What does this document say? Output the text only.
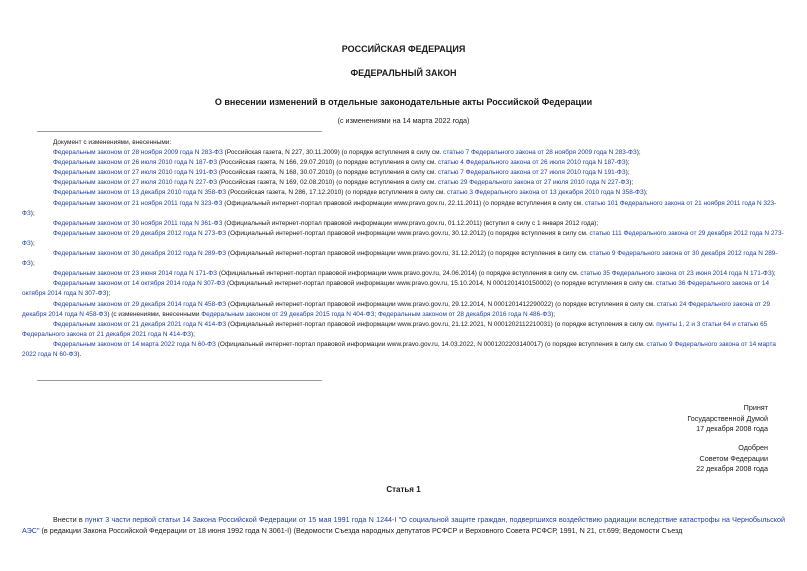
РОССИЙСКАЯ ФЕДЕРАЦИЯ
ФЕДЕРАЛЬНЫЙ ЗАКОН
О внесении изменений в отдельные законодательные акты Российской Федерации
(с изменениями на 14 марта 2022 года)
Документ с изменениями, внесенными:
Федеральным законом от 28 ноября 2009 года N 283-ФЗ (Российская газета, N 227, 30.11.2009) (о порядке вступления в силу см. статью 7 Федерального закона от 28 ноября 2009 года N 283-ФЗ);
Федеральным законом от 26 июля 2010 года N 187-ФЗ (Российская газета, N 166, 29.07.2010) (о порядке вступления в силу см. статью 4 Федерального закона от 26 июля 2010 года N 187-ФЗ);
Федеральным законом от 27 июля 2010 года N 191-ФЗ (Российская газета, N 168, 30.07.2010) (о порядке вступления в силу см. статью 7 Федерального закона от 27 июля 2010 года N 191-ФЗ);
Федеральным законом от 27 июля 2010 года N 227-ФЗ (Российская газета, N 169, 02.08.2010) (о порядке вступления в силу см. статью 29 Федерального закона от 27 июля 2010 года N 227-ФЗ);
Федеральным законом от 13 декабря 2010 года N 358-ФЗ (Российская газета, N 286, 17.12.2010) (о порядке вступления в силу см. статью 3 Федерального закона от 13 декабря 2010 года N 358-ФЗ);
Федеральным законом от 21 ноября 2011 года N 323-ФЗ (Официальный интернет-портал правовой информации www.pravo.gov.ru, 22.11.2011) (о порядке вступления в силу см. статью 101 Федерального закона от 21 ноября 2011 года N 323-ФЗ);
Федеральным законом от 30 ноября 2011 года N 361-ФЗ (Официальный интернет-портал правовой информации www.pravo.gov.ru, 01.12.2011) (вступил в силу с 1 января 2012 года);
Федеральным законом от 29 декабря 2012 года N 273-ФЗ (Официальный интернет-портал правовой информации www.pravo.gov.ru, 30.12.2012) (о порядке вступления в силу см. статью 111 Федерального закона от 29 декабря 2012 года N 273-ФЗ);
Федеральным законом от 30 декабря 2012 года N 289-ФЗ (Официальный интернет-портал правовой информации www.pravo.gov.ru, 31.12.2012) (о порядке вступления в силу см. статью 9 Федерального закона от 30 декабря 2012 года N 289-ФЗ);
Федеральным законом от 23 июня 2014 года N 171-ФЗ (Официальный интернет-портал правовой информации www.pravo.gov.ru, 24.06.2014) (о порядке вступления в силу см. статью 35 Федерального закона от 23 июня 2014 года N 171-ФЗ);
Федеральным законом от 14 октября 2014 года N 307-ФЗ (Официальный интернет-портал правовой информации www.pravo.gov.ru, 15.10.2014, N 0001201410150002) (о порядке вступления в силу см. статью 36 Федерального закона от 14 октября 2014 года N 307-ФЗ);
Федеральным законом от 29 декабря 2014 года N 458-ФЗ (Официальный интернет-портал правовой информации www.pravo.gov.ru, 29.12.2014, N 0001201412290022) (о порядке вступления в силу см. статью 24 Федерального закона от 29 декабря 2014 года N 458-ФЗ) (с изменениями, внесенными Федеральным законом от 29 декабря 2015 года N 404-ФЗ; Федеральным законом от 28 декабря 2016 года N 486-ФЗ);
Федеральным законом от 21 декабря 2021 года N 414-ФЗ (Официальный интернет-портал правовой информации www.pravo.gov.ru, 21.12.2021, N 0001202112210031) (о порядке вступления в силу см. пункты 1, 2 и 3 статьи 64 и статью 65 Федерального закона от 21 декабря 2021 года N 414-ФЗ);
Федеральным законом от 14 марта 2022 года N 60-ФЗ (Официальный интернет-портал правовой информации www.pravo.gov.ru, 14.03.2022, N 0001202203140017) (о порядке вступления в силу см. статью 9 Федерального закона от 14 марта 2022 года N 60-ФЗ).
Принят
Государственной Думой
17 декабря 2008 года
Одобрен
Советом Федерации
22 декабря 2008 года
Статья 1
Внести в пункт 3 части первой статьи 14 Закона Российской Федерации от 15 мая 1991 года N 1244-I "О социальной защите граждан, подвергшихся воздействию радиации вследствие катастрофы на Чернобыльской АЭС" (в редакции Закона Российской Федерации от 18 июня 1992 года N 3061-I) (Ведомости Съезда народных депутатов РСФСР и Верховного Совета РСФСР, 1991, N 21, ст.699; Ведомости Съезд
